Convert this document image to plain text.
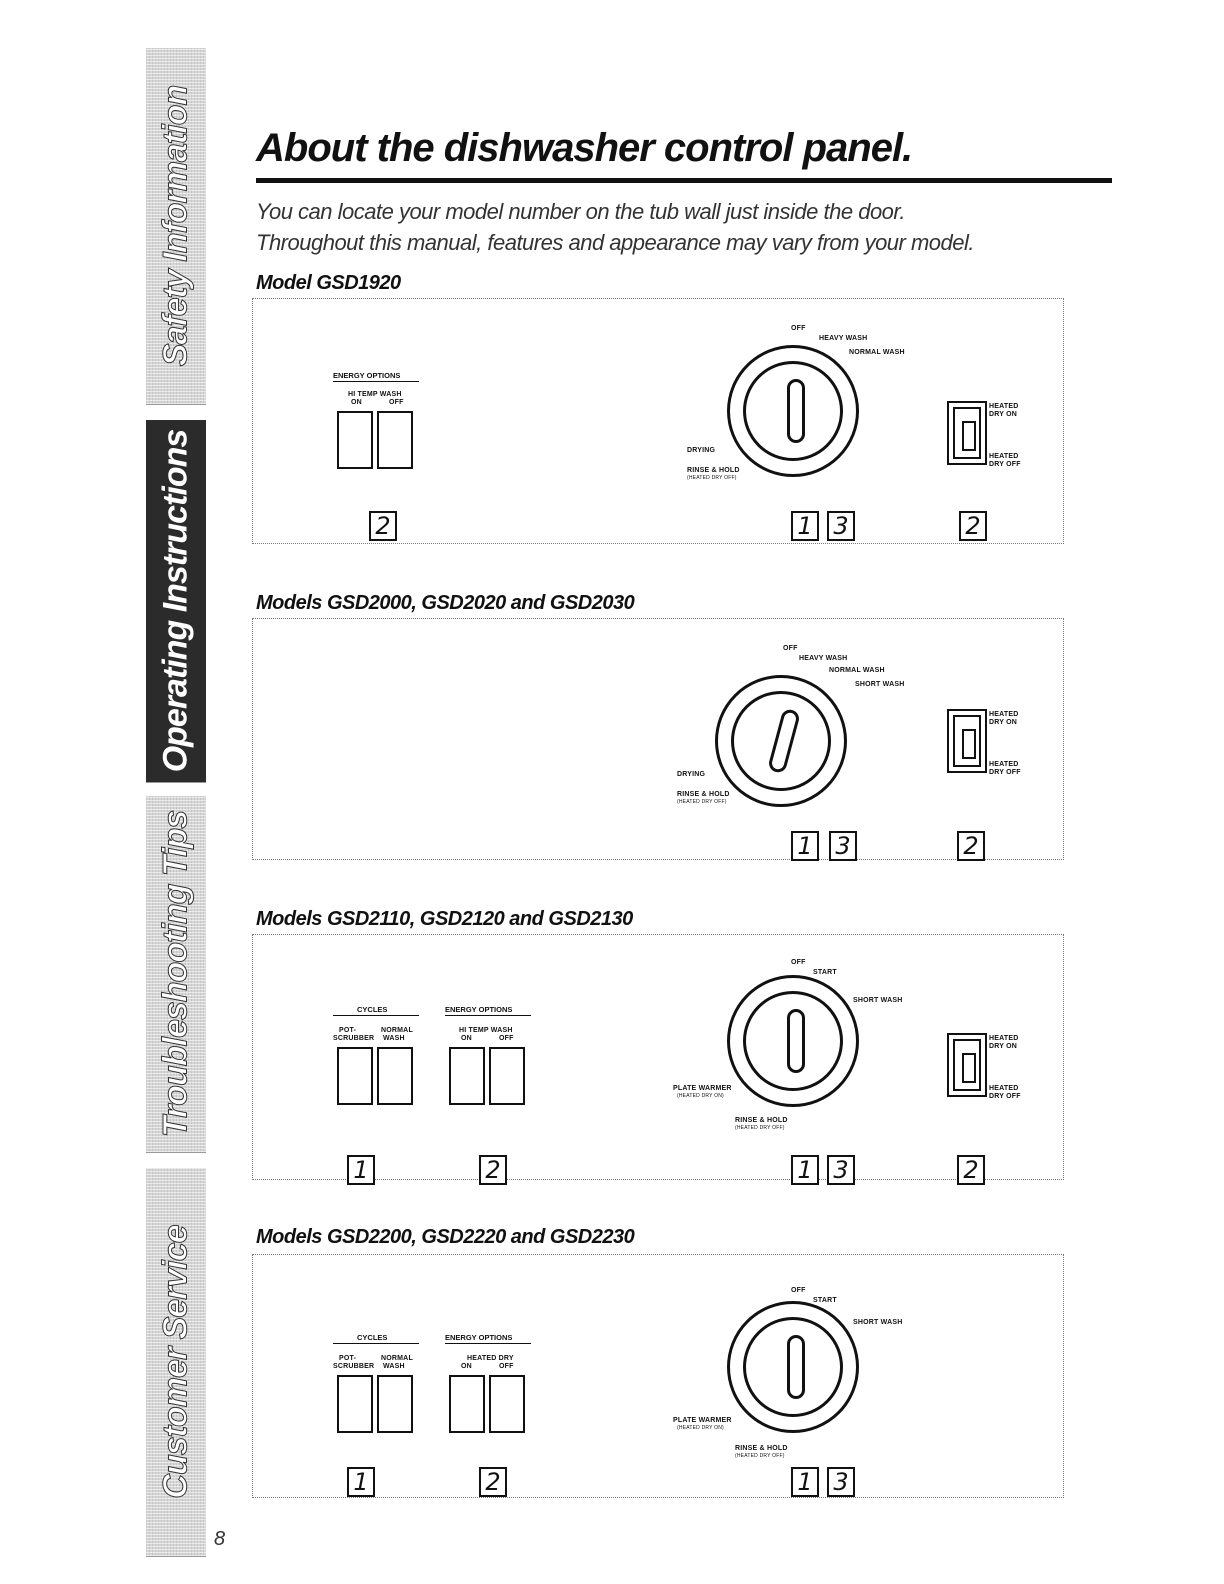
Safety Information
Operating Instructions
Troubleshooting Tips
Customer Service
8
About the dishwasher control panel.
You can locate your model number on the tub wall just inside the door.
Throughout this manual, features and appearance may vary from your model.
Model GSD1920
ENERGY OPTIONS
HI TEMP WASH
ON	OFF
OFF
HEAVY WASH
NORMAL WASH
DRYING
RINSE & HOLD
(HEATED DRY OFF)
HEATED
DRY ON
HEATED
DRY OFF
2	1 3	2
Models GSD2000, GSD2020 and GSD2030
OFF
HEAVY WASH
NORMAL WASH
SHORT WASH
DRYING
RINSE & HOLD
(HEATED DRY OFF)
HEATED
DRY ON
HEATED
DRY OFF
1 3	2
Models GSD2110, GSD2120 and GSD2130
CYCLES
POT-
SCRUBBER
NORMAL
WASH
ENERGY OPTIONS
HI TEMP WASH
ON	OFF
OFF
START
SHORT WASH
PLATE WARMER
(HEATED DRY ON)
RINSE & HOLD
(HEATED DRY OFF)
HEATED
DRY ON
HEATED
DRY OFF
1	2	1 3	2
Models GSD2200, GSD2220 and GSD2230
CYCLES
POT-
SCRUBBER
NORMAL
WASH
ENERGY OPTIONS
HEATED DRY
ON	OFF
OFF
START
SHORT WASH
PLATE WARMER
(HEATED DRY ON)
RINSE & HOLD
(HEATED DRY OFF)
1	2	1 3
